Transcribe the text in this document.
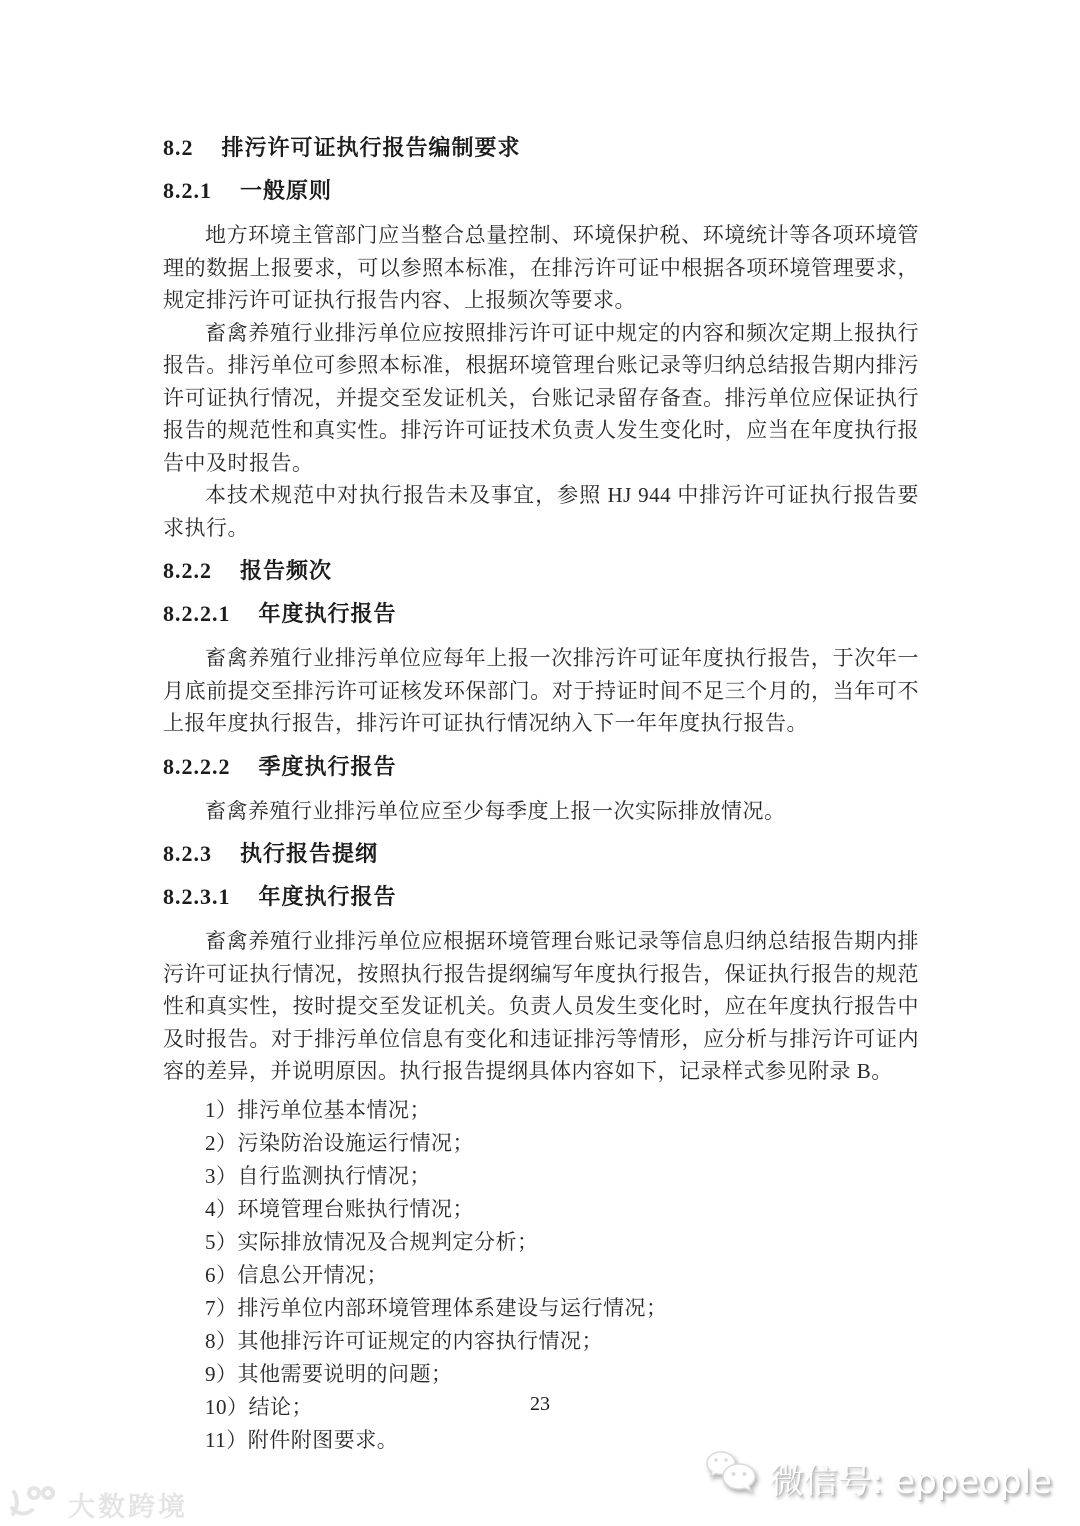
8.2 排污许可证执行报告编制要求
8.2.1 一般原则

地方环境主管部门应当整合总量控制、环境保护税、环境统计等各项环境管理的数据上报要求，可以参照本标准，在排污许可证中根据各项环境管理要求，规定排污许可证执行报告内容、上报频次等要求。

畜禽养殖行业排污单位应按照排污许可证中规定的内容和频次定期上报执行报告。排污单位可参照本标准，根据环境管理台账记录等归纳总结报告期内排污许可证执行情况，并提交至发证机关，台账记录留存备查。排污单位应保证执行报告的规范性和真实性。排污许可证技术负责人发生变化时，应当在年度执行报告中及时报告。

本技术规范中对执行报告未及事宜，参照 HJ 944 中排污许可证执行报告要求执行。

8.2.2 报告频次
8.2.2.1 年度执行报告

畜禽养殖行业排污单位应每年上报一次排污许可证年度执行报告，于次年一月底前提交至排污许可证核发环保部门。对于持证时间不足三个月的，当年可不上报年度执行报告，排污许可证执行情况纳入下一年年度执行报告。

8.2.2.2 季度执行报告

畜禽养殖行业排污单位应至少每季度上报一次实际排放情况。

8.2.3 执行报告提纲
8.2.3.1 年度执行报告

畜禽养殖行业排污单位应根据环境管理台账记录等信息归纳总结报告期内排污许可证执行情况，按照执行报告提纲编写年度执行报告，保证执行报告的规范性和真实性，按时提交至发证机关。负责人员发生变化时，应在年度执行报告中及时报告。对于排污单位信息有变化和违证排污等情形，应分析与排污许可证内容的差异，并说明原因。执行报告提纲具体内容如下，记录样式参见附录 B。

1）排污单位基本情况；
2）污染防治设施运行情况；
3）自行监测执行情况；
4）环境管理台账执行情况；
5）实际排放情况及合规判定分析；
6）信息公开情况；
7）排污单位内部环境管理体系建设与运行情况；
8）其他排污许可证规定的内容执行情况；
9）其他需要说明的问题；
10）结论；
11）附件附图要求。
23
大数跨境
微信号: eppeople
